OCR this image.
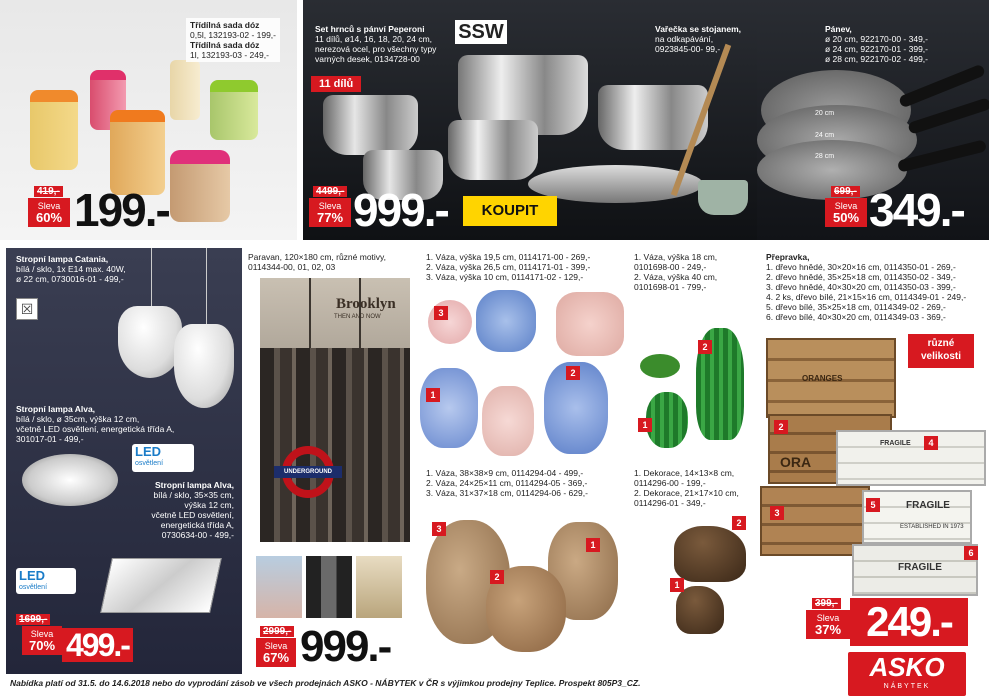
Třídílná sada dóz
0,5l, 132193-02 - 199,-
Třídílná sada dóz
1l, 132193-03 - 249,-
419,-
Sleva
60% 199.-
Set hrnců s pánví Peperoni
11 dílů, ø14, 16, 18, 20, 24 cm,
nerezová ocel, pro všechny typy
varných desek, 0134728-00
SSW
11 dílů
4499,-
Sleva
77% 999.-	KOUPIT
Vařečka se stojanem,
na odkapávání,
0923845-00- 99,-
20 cm
24 cm
28 cm
Pánev,
ø 20 cm, 922170-00 - 349,-
ø 24 cm, 922170-01 - 399,-
ø 28 cm, 922170-02 - 499,-
699,-
Sleva
50% 349.-
Stropní lampa Catania,
bílá / sklo, 1x E14 max. 40W,
ø 22 cm, 0730016-01 - 499,-
☒
Stropní lampa Alva,
bílá / sklo, ø 35cm, výška 12 cm,
včetně LED osvětlení, energetická třída A,
301017-01 - 499,-
LED
osvětlení
Stropní lampa Alva,
bílá / sklo, 35×35 cm,
výška 12 cm,
včetně LED osvětlení,
energetická třída A,
0730634-00 - 499,-
LED
osvětlení
1699,-
Sleva
70% 499.-
Paravan, 120×180 cm, různé motivy,
0114344-00, 01, 02, 03
Brooklyn
THEN AND NOW
UNDERGROUND
2999,-
Sleva
67% 999.-
1. Váza, výška 19,5 cm, 0114171-00 - 269,-
2. Váza, výška 26,5 cm, 0114171-01 - 399,-
3. Váza, výška 10 cm, 0114171-02 - 129,-
3
1
2
1. Váza, výška 18 cm,
0101698-00 - 249,-
2. Váza, výška 40 cm,
0101698-01 - 799,-
2
1
1. Váza, 38×38×9 cm, 0114294-04 - 499,-
2. Váza, 24×25×11 cm, 0114294-05 - 369,-
3. Váza, 31×37×18 cm, 0114294-06 - 629,-
3
1
2
1. Dekorace, 14×13×8 cm,
0114296-00 - 199,-
2. Dekorace, 21×17×10 cm,
0114296-01 - 349,-
2
1
Přepravka,
1. dřevo hnědé, 30×20×16 cm, 0114350-01 - 269,-
2. dřevo hnědé, 35×25×18 cm, 0114350-02 - 349,-
3. dřevo hnědé, 40×30×20 cm, 0114350-03 - 399,-
4. 2 ks, dřevo bílé, 21×15×16 cm, 0114349-01 - 249,-
5. dřevo bílé, 35×25×18 cm, 0114349-02 - 269,-
6. dřevo bílé, 40×30×20 cm, 0114349-03 - 369,-
různé
velikosti
ORANGES
2
ORA
3
4
FRAGILE
5	FRAGILE
ESTABLISHED IN 1973
6
FRAGILE
399,-
Sleva
37% 249.-
Nabídka platí od 31.5. do 14.6.2018 nebo do vyprodání zásob ve všech prodejnách ASKO - NÁBYTEK v ČR s výjimkou prodejny Teplice. Prospekt 805P3_CZ.
ASKO
NÁBYTEK
